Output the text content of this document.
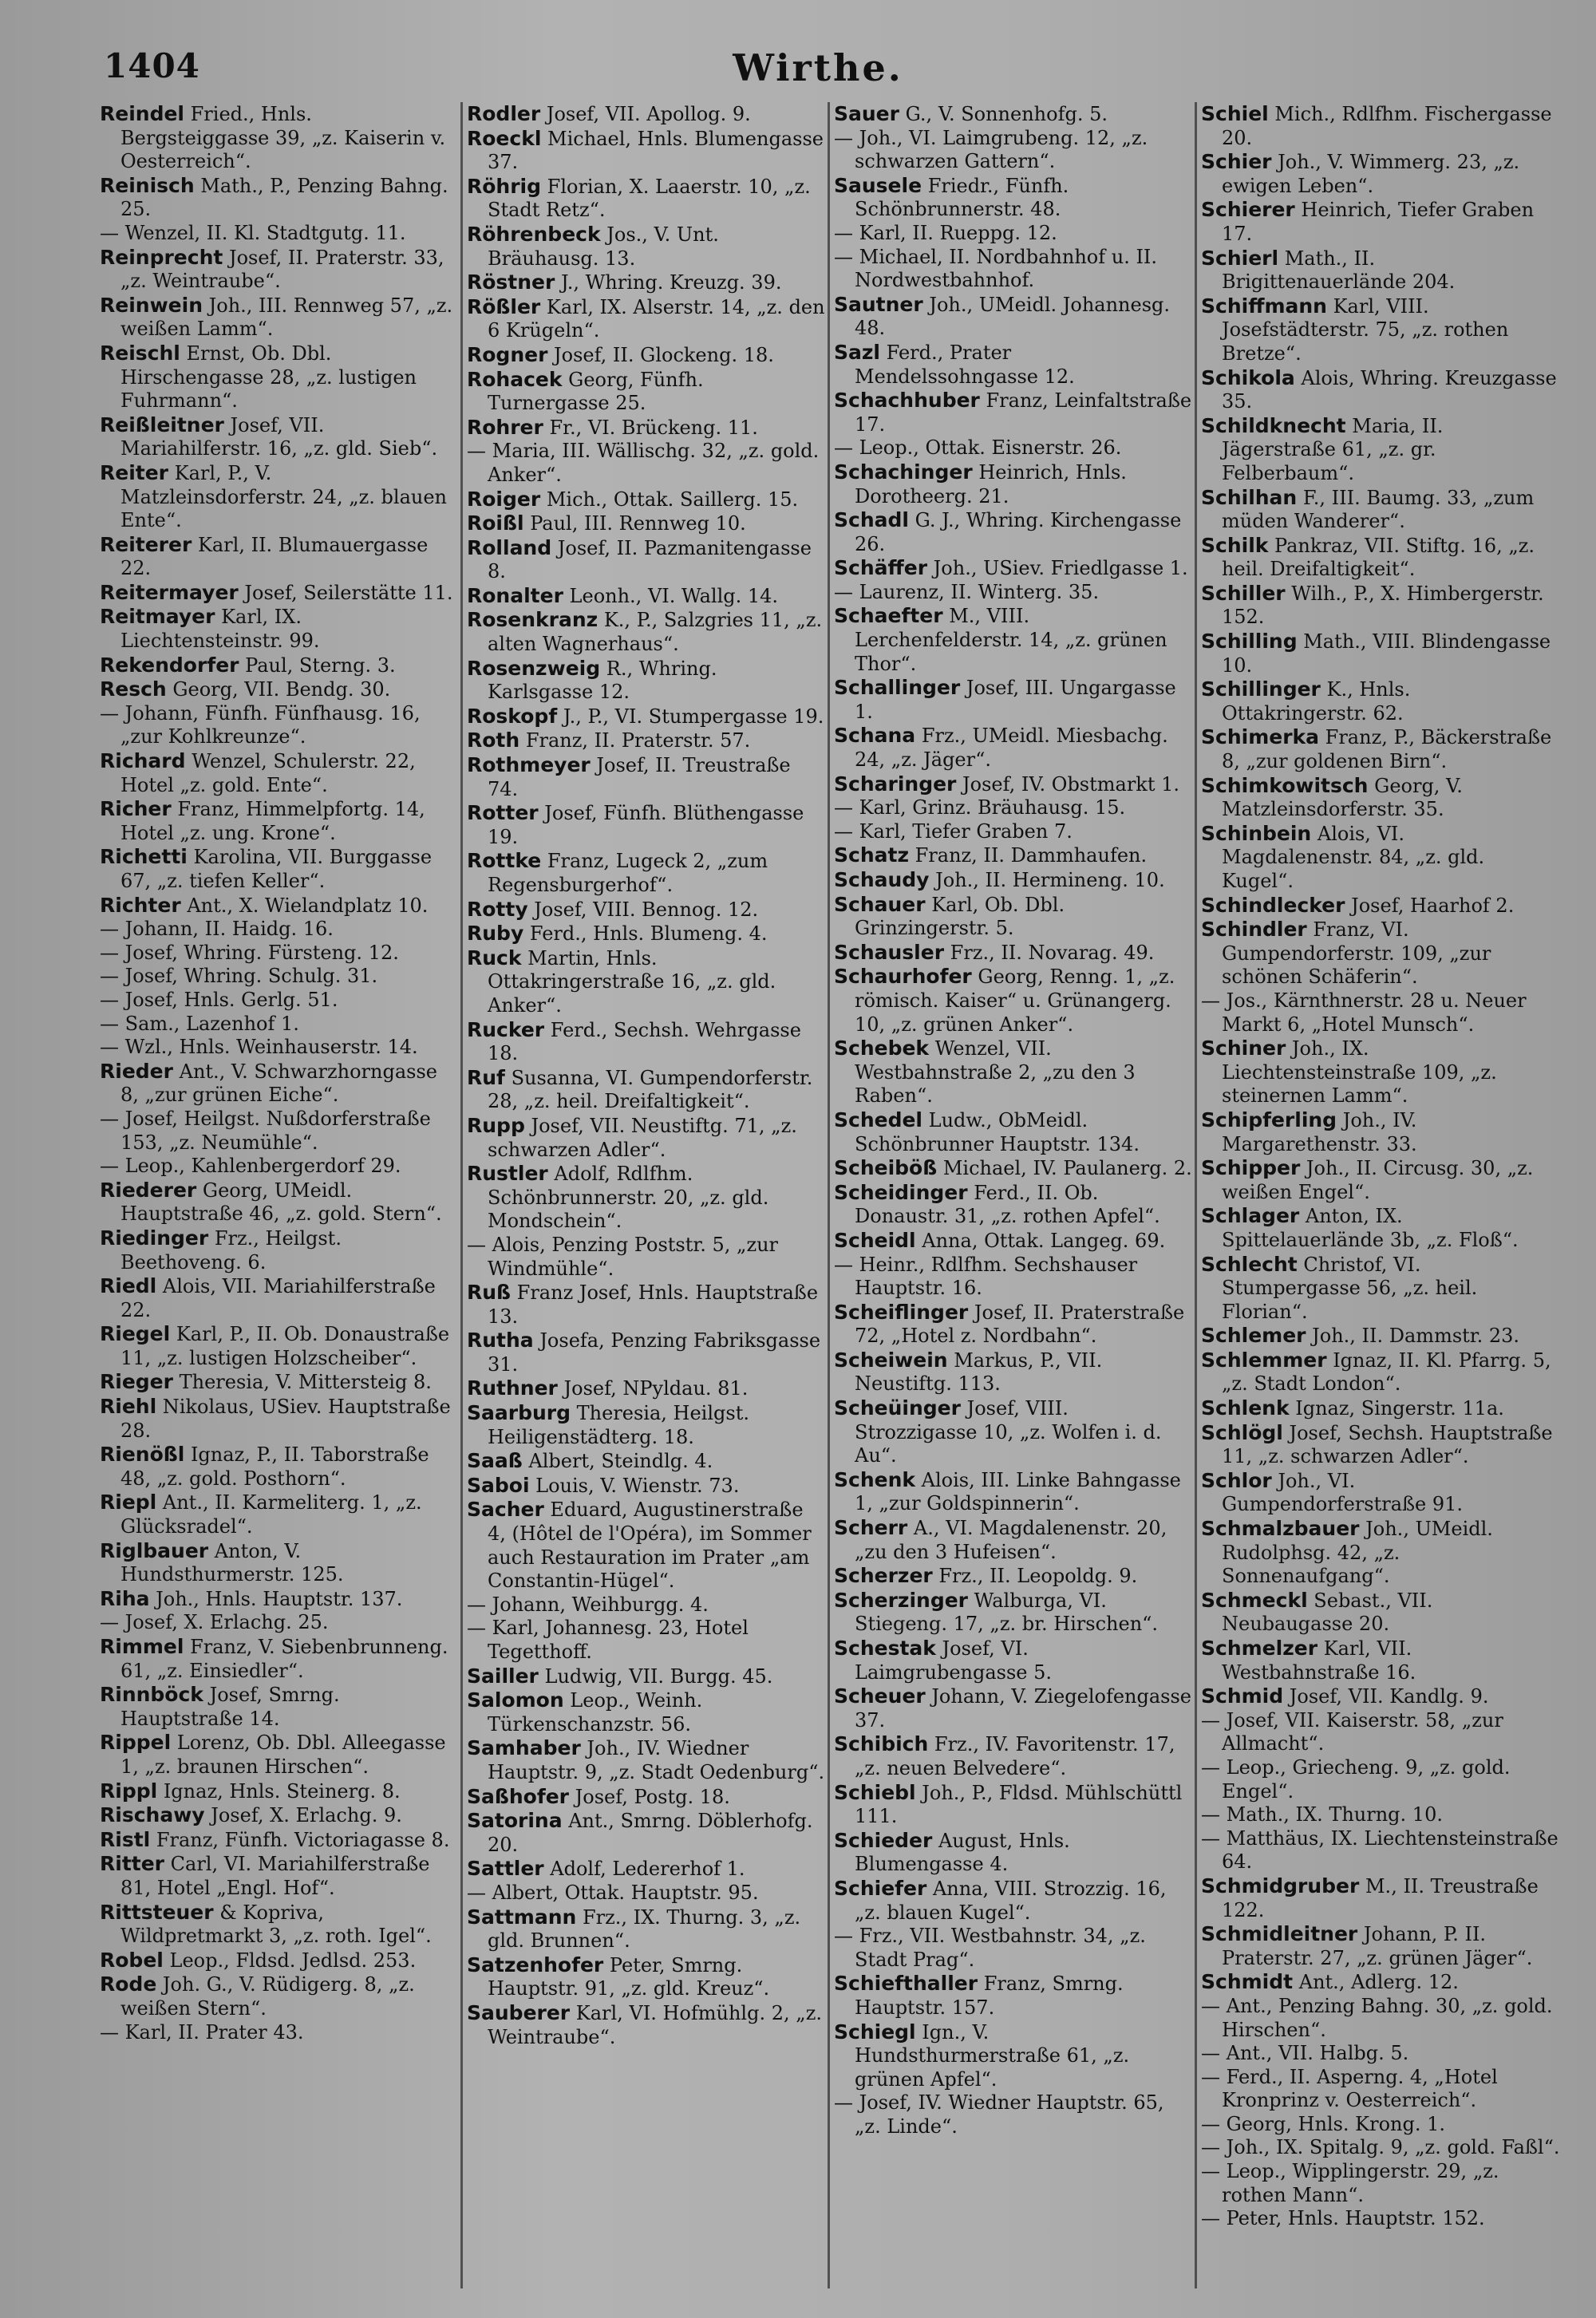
1404	Wirthe.
Reindel Fried., Hnls. Bergsteiggasse 39, „z. Kaiserin v. Oesterreich“.
Reinisch Math., P., Penzing Bahng. 25.
— Wenzel, II. Kl. Stadtgutg. 11.
Reinprecht Josef, II. Praterstr. 33, „z. Weintraube“.
Reinwein Joh., III. Rennweg 57, „z. weißen Lamm“.
Reischl Ernst, Ob. Dbl. Hirschengasse 28, „z. lustigen Fuhrmann“.
Reißleitner Josef, VII. Mariahilferstr. 16, „z. gld. Sieb“.
Reiter Karl, P., V. Matzleinsdorferstr. 24, „z. blauen Ente“.
Reiterer Karl, II. Blumauergasse 22.
Reitermayer Josef, Seilerstätte 11.
Reitmayer Karl, IX. Liechtensteinstr. 99.
Rekendorfer Paul, Sterng. 3.
Resch Georg, VII. Bendg. 30.
— Johann, Fünfh. Fünfhausg. 16, „zur Kohlkreunze“.
Richard Wenzel, Schulerstr. 22, Hotel „z. gold. Ente“.
Richer Franz, Himmelpfortg. 14, Hotel „z. ung. Krone“.
Richetti Karolina, VII. Burggasse 67, „z. tiefen Keller“.
Richter Ant., X. Wielandplatz 10.
— Johann, II. Haidg. 16.
— Josef, Whring. Fürsteng. 12.
— Josef, Whring. Schulg. 31.
— Josef, Hnls. Gerlg. 51.
— Sam., Lazenhof 1.
— Wzl., Hnls. Weinhauserstr. 14.
Rieder Ant., V. Schwarzhorngasse 8, „zur grünen Eiche“.
— Josef, Heilgst. Nußdorferstraße 153, „z. Neumühle“.
— Leop., Kahlenbergerdorf 29.
Riederer Georg, UMeidl. Hauptstraße 46, „z. gold. Stern“.
Riedinger Frz., Heilgst. Beethoveng. 6.
Riedl Alois, VII. Mariahilferstraße 22.
Riegel Karl, P., II. Ob. Donaustraße 11, „z. lustigen Holzscheiber“.
Rieger Theresia, V. Mittersteig 8.
Riehl Nikolaus, USiev. Hauptstraße 28.
Rienößl Ignaz, P., II. Taborstraße 48, „z. gold. Posthorn“.
Riepl Ant., II. Karmeliterg. 1, „z. Glücksradel“.
Riglbauer Anton, V. Hundsthurmerstr. 125.
Riha Joh., Hnls. Hauptstr. 137.
— Josef, X. Erlachg. 25.
Rimmel Franz, V. Siebenbrunneng. 61, „z. Einsiedler“.
Rinnböck Josef, Smrng. Hauptstraße 14.
Rippel Lorenz, Ob. Dbl. Alleegasse 1, „z. braunen Hirschen“.
Rippl Ignaz, Hnls. Steinerg. 8.
Rischawy Josef, X. Erlachg. 9.
Ristl Franz, Fünfh. Victoriagasse 8.
Ritter Carl, VI. Mariahilferstraße 81, Hotel „Engl. Hof“.
Rittsteuer & Kopriva, Wildpretmarkt 3, „z. roth. Igel“.
Robel Leop., Fldsd. Jedlsd. 253.
Rode Joh. G., V. Rüdigerg. 8, „z. weißen Stern“.
— Karl, II. Prater 43.
Rodler Josef, VII. Apollog. 9.
Roeckl Michael, Hnls. Blumengasse 37.
Röhrig Florian, X. Laaerstr. 10, „z. Stadt Retz“.
Röhrenbeck Jos., V. Unt. Bräuhausg. 13.
Röstner J., Whring. Kreuzg. 39.
Rößler Karl, IX. Alserstr. 14, „z. den 6 Krügeln“.
Rogner Josef, II. Glockeng. 18.
Rohacek Georg, Fünfh. Turnergasse 25.
Rohrer Fr., VI. Brückeng. 11.
— Maria, III. Wällischg. 32, „z. gold. Anker“.
Roiger Mich., Ottak. Saillerg. 15.
Roißl Paul, III. Rennweg 10.
Rolland Josef, II. Pazmanitengasse 8.
Ronalter Leonh., VI. Wallg. 14.
Rosenkranz K., P., Salzgries 11, „z. alten Wagnerhaus“.
Rosenzweig R., Whring. Karlsgasse 12.
Roskopf J., P., VI. Stumpergasse 19.
Roth Franz, II. Praterstr. 57.
Rothmeyer Josef, II. Treustraße 74.
Rotter Josef, Fünfh. Blüthengasse 19.
Rottke Franz, Lugeck 2, „zum Regensburgerhof“.
Rotty Josef, VIII. Bennog. 12.
Ruby Ferd., Hnls. Blumeng. 4.
Ruck Martin, Hnls. Ottakringerstraße 16, „z. gld. Anker“.
Rucker Ferd., Sechsh. Wehrgasse 18.
Ruf Susanna, VI. Gumpendorferstr. 28, „z. heil. Dreifaltigkeit“.
Rupp Josef, VII. Neustiftg. 71, „z. schwarzen Adler“.
Rustler Adolf, Rdlfhm. Schönbrunnerstr. 20, „z. gld. Mondschein“.
— Alois, Penzing Poststr. 5, „zur Windmühle“.
Ruß Franz Josef, Hnls. Hauptstraße 13.
Rutha Josefa, Penzing Fabriksgasse 31.
Ruthner Josef, NPyldau. 81.
Saarburg Theresia, Heilgst. Heiligenstädterg. 18.
Saaß Albert, Steindlg. 4.
Saboi Louis, V. Wienstr. 73.
Sacher Eduard, Augustinerstraße 4, (Hôtel de l'Opéra), im Sommer auch Restauration im Prater „am Constantin-Hügel“.
— Johann, Weihburgg. 4.
— Karl, Johannesg. 23, Hotel Tegetthoff.
Sailler Ludwig, VII. Burgg. 45.
Salomon Leop., Weinh. Türkenschanzstr. 56.
Samhaber Joh., IV. Wiedner Hauptstr. 9, „z. Stadt Oedenburg“.
Saßhofer Josef, Postg. 18.
Satorina Ant., Smrng. Döblerhofg. 20.
Sattler Adolf, Ledererhof 1.
— Albert, Ottak. Hauptstr. 95.
Sattmann Frz., IX. Thurng. 3, „z. gld. Brunnen“.
Satzenhofer Peter, Smrng. Hauptstr. 91, „z. gld. Kreuz“.
Sauberer Karl, VI. Hofmühlg. 2, „z. Weintraube“.
Sauer G., V. Sonnenhofg. 5.
— Joh., VI. Laimgrubeng. 12, „z. schwarzen Gattern“.
Sausele Friedr., Fünfh. Schönbrunnerstr. 48.
— Karl, II. Rueppg. 12.
— Michael, II. Nordbahnhof u. II. Nordwestbahnhof.
Sautner Joh., UMeidl. Johannesg. 48.
Sazl Ferd., Prater Mendelssohngasse 12.
Schachhuber Franz, Leinfaltstraße 17.
— Leop., Ottak. Eisnerstr. 26.
Schachinger Heinrich, Hnls. Dorotheerg. 21.
Schadl G. J., Whring. Kirchengasse 26.
Schäffer Joh., USiev. Friedlgasse 1.
— Laurenz, II. Winterg. 35.
Schaefter M., VIII. Lerchenfelderstr. 14, „z. grünen Thor“.
Schallinger Josef, III. Ungargasse 1.
Schana Frz., UMeidl. Miesbachg. 24, „z. Jäger“.
Scharinger Josef, IV. Obstmarkt 1.
— Karl, Grinz. Bräuhausg. 15.
— Karl, Tiefer Graben 7.
Schatz Franz, II. Dammhaufen.
Schaudy Joh., II. Hermineng. 10.
Schauer Karl, Ob. Dbl. Grinzingerstr. 5.
Schausler Frz., II. Novarag. 49.
Schaurhofer Georg, Renng. 1, „z. römisch. Kaiser“ u. Grünangerg. 10, „z. grünen Anker“.
Schebek Wenzel, VII. Westbahnstraße 2, „zu den 3 Raben“.
Schedel Ludw., ObMeidl. Schönbrunner Hauptstr. 134.
Scheiböß Michael, IV. Paulanerg. 2.
Scheidinger Ferd., II. Ob. Donaustr. 31, „z. rothen Apfel“.
Scheidl Anna, Ottak. Langeg. 69.
— Heinr., Rdlfhm. Sechshauser Hauptstr. 16.
Scheiflinger Josef, II. Praterstraße 72, „Hotel z. Nordbahn“.
Scheiwein Markus, P., VII. Neustiftg. 113.
Scheüinger Josef, VIII. Strozzigasse 10, „z. Wolfen i. d. Au“.
Schenk Alois, III. Linke Bahngasse 1, „zur Goldspinnerin“.
Scherr A., VI. Magdalenenstr. 20, „zu den 3 Hufeisen“.
Scherzer Frz., II. Leopoldg. 9.
Scherzinger Walburga, VI. Stiegeng. 17, „z. br. Hirschen“.
Schestak Josef, VI. Laimgrubengasse 5.
Scheuer Johann, V. Ziegelofengasse 37.
Schibich Frz., IV. Favoritenstr. 17, „z. neuen Belvedere“.
Schiebl Joh., P., Fldsd. Mühlschüttl 111.
Schieder August, Hnls. Blumengasse 4.
Schiefer Anna, VIII. Strozzig. 16, „z. blauen Kugel“.
— Frz., VII. Westbahnstr. 34, „z. Stadt Prag“.
Schiefthaller Franz, Smrng. Hauptstr. 157.
Schiegl Ign., V. Hundsthurmerstraße 61, „z. grünen Apfel“.
— Josef, IV. Wiedner Hauptstr. 65, „z. Linde“.
Schiel Mich., Rdlfhm. Fischergasse 20.
Schier Joh., V. Wimmerg. 23, „z. ewigen Leben“.
Schierer Heinrich, Tiefer Graben 17.
Schierl Math., II. Brigittenauerlände 204.
Schiffmann Karl, VIII. Josefstädterstr. 75, „z. rothen Bretze“.
Schikola Alois, Whring. Kreuzgasse 35.
Schildknecht Maria, II. Jägerstraße 61, „z. gr. Felberbaum“.
Schilhan F., III. Baumg. 33, „zum müden Wanderer“.
Schilk Pankraz, VII. Stiftg. 16, „z. heil. Dreifaltigkeit“.
Schiller Wilh., P., X. Himbergerstr. 152.
Schilling Math., VIII. Blindengasse 10.
Schillinger K., Hnls. Ottakringerstr. 62.
Schimerka Franz, P., Bäckerstraße 8, „zur goldenen Birn“.
Schimkowitsch Georg, V. Matzleinsdorferstr. 35.
Schinbein Alois, VI. Magdalenenstr. 84, „z. gld. Kugel“.
Schindlecker Josef, Haarhof 2.
Schindler Franz, VI. Gumpendorferstr. 109, „zur schönen Schäferin“.
— Jos., Kärnthnerstr. 28 u. Neuer Markt 6, „Hotel Munsch“.
Schiner Joh., IX. Liechtensteinstraße 109, „z. steinernen Lamm“.
Schipferling Joh., IV. Margarethenstr. 33.
Schipper Joh., II. Circusg. 30, „z. weißen Engel“.
Schlager Anton, IX. Spittelauerlände 3b, „z. Floß“.
Schlecht Christof, VI. Stumpergasse 56, „z. heil. Florian“.
Schlemer Joh., II. Dammstr. 23.
Schlemmer Ignaz, II. Kl. Pfarrg. 5, „z. Stadt London“.
Schlenk Ignaz, Singerstr. 11a.
Schlögl Josef, Sechsh. Hauptstraße 11, „z. schwarzen Adler“.
Schlor Joh., VI. Gumpendorferstraße 91.
Schmalzbauer Joh., UMeidl. Rudolphsg. 42, „z. Sonnenaufgang“.
Schmeckl Sebast., VII. Neubaugasse 20.
Schmelzer Karl, VII. Westbahnstraße 16.
Schmid Josef, VII. Kandlg. 9.
— Josef, VII. Kaiserstr. 58, „zur Allmacht“.
— Leop., Griecheng. 9, „z. gold. Engel“.
— Math., IX. Thurng. 10.
— Matthäus, IX. Liechtensteinstraße 64.
Schmidgruber M., II. Treustraße 122.
Schmidleitner Johann, P. II. Praterstr. 27, „z. grünen Jäger“.
Schmidt Ant., Adlerg. 12.
— Ant., Penzing Bahng. 30, „z. gold. Hirschen“.
— Ant., VII. Halbg. 5.
— Ferd., II. Asperng. 4, „Hotel Kronprinz v. Oesterreich“.
— Georg, Hnls. Krong. 1.
— Joh., IX. Spitalg. 9, „z. gold. Faßl“.
— Leop., Wipplingerstr. 29, „z. rothen Mann“.
— Peter, Hnls. Hauptstr. 152.
